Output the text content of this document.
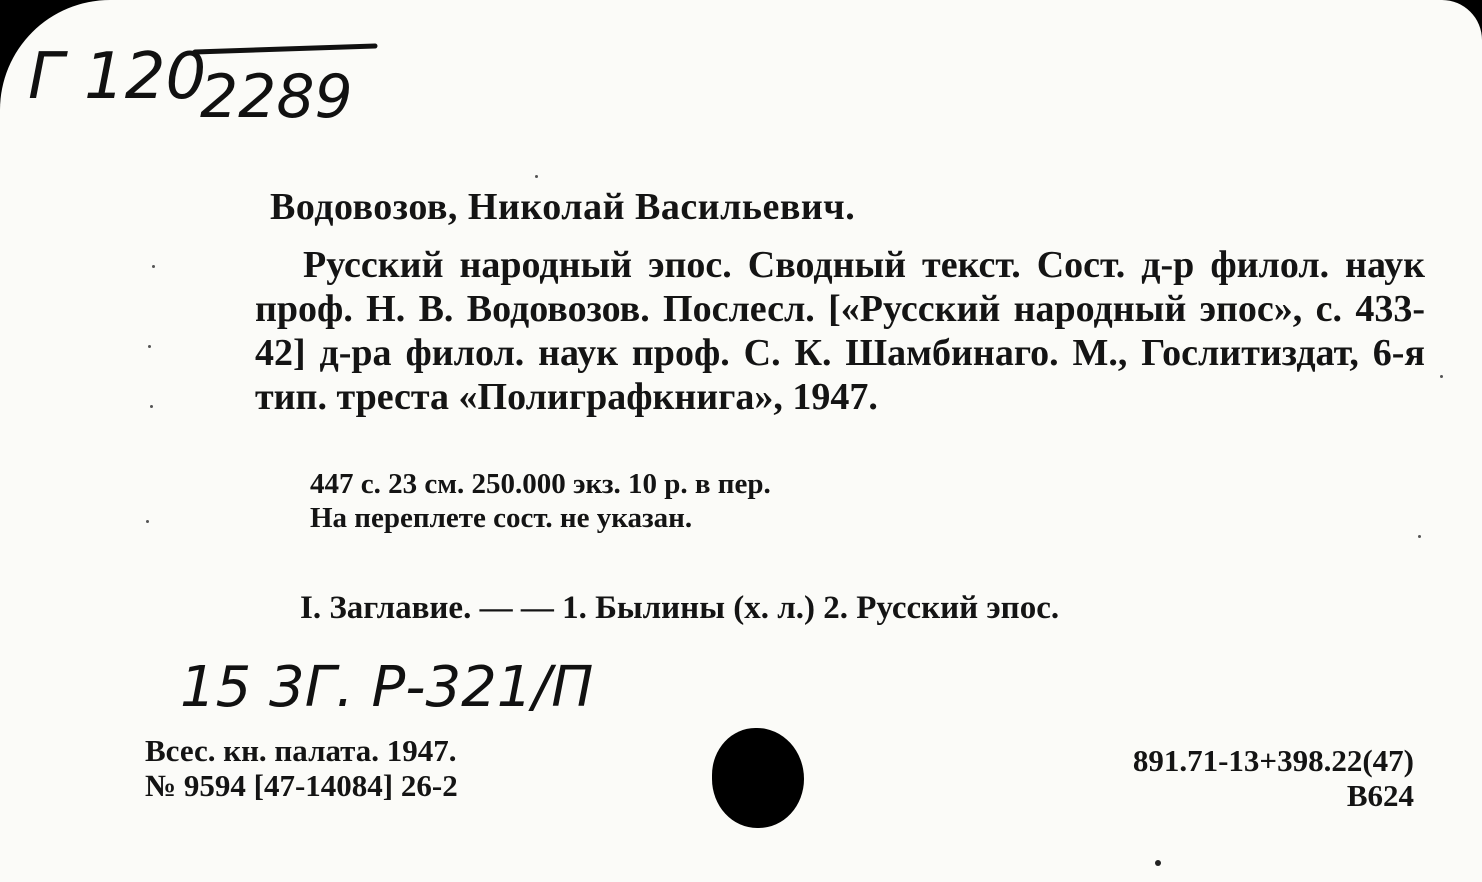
Г 120
2289
Водовозов, Николай Васильевич.

Русский народный эпос. Сводный текст. Сост. д-р филол. наук проф. Н. В. Водовозов. Послесл. [«Русский народный эпос», с. 433-42] д-ра филол. наук проф. С. К. Шамбинаго. М., Гослитиздат, 6-я тип. треста «Полиграфкнига», 1947.

447 с. 23 см. 250.000 экз. 10 р. в пер.
На переплете сост. не указан.
I. Заглавие. — — 1. Былины (х. л.) 2. Русский эпос.
15 3Г. Р-321/П
Всес. кн. палата. 1947.
№ 9594 [47-14084] 26-2
891.71-13+398.22(47)
В624
